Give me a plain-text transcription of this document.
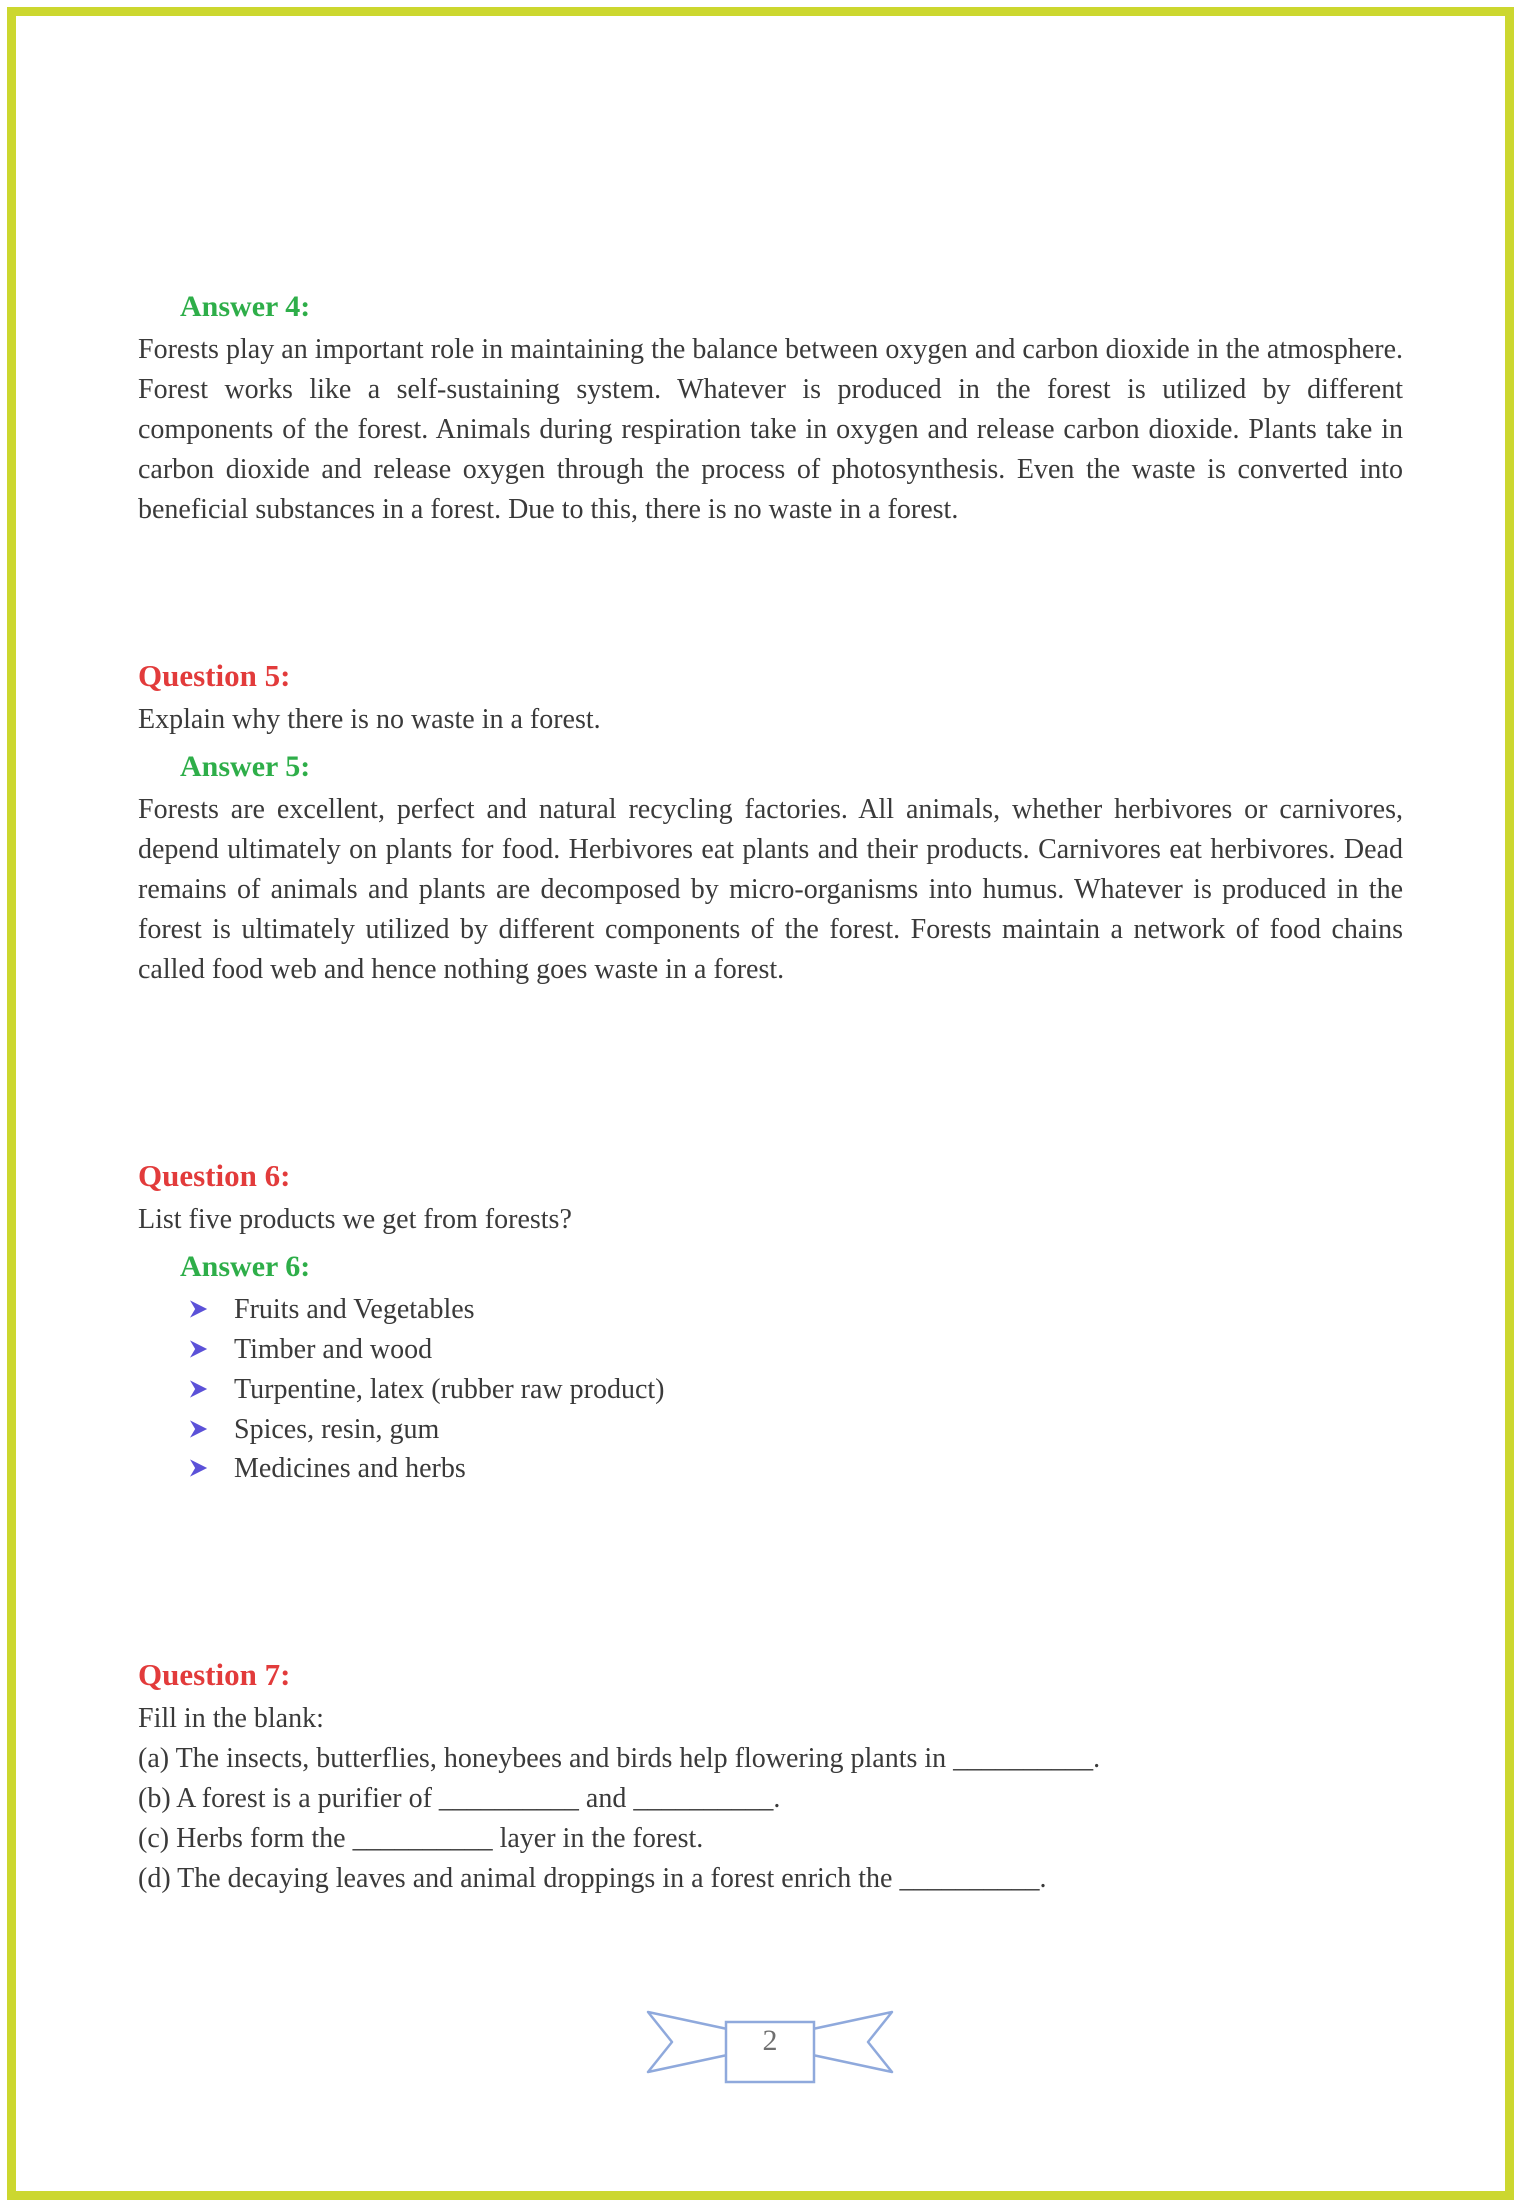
Answer 4:

Forests play an important role in maintaining the balance between oxygen and carbon dioxide in the atmosphere. Forest works like a self-sustaining system. Whatever is produced in the forest is utilized by different components of the forest. Animals during respiration take in oxygen and release carbon dioxide. Plants take in carbon dioxide and release oxygen through the process of photosynthesis. Even the waste is converted into beneficial substances in a forest. Due to this, there is no waste in a forest.

Question 5:

Explain why there is no waste in a forest.

Answer 5:

Forests are excellent, perfect and natural recycling factories. All animals, whether herbivores or carnivores, depend ultimately on plants for food. Herbivores eat plants and their products. Carnivores eat herbivores. Dead remains of animals and plants are decomposed by micro-organisms into humus. Whatever is produced in the forest is ultimately utilized by different components of the forest. Forests maintain a network of food chains called food web and hence nothing goes waste in a forest.

Question 6:

List five products we get from forests?

Answer 6:
Fruits and Vegetables
Timber and wood
Turpentine, latex (rubber raw product)
Spices, resin, gum
Medicines and herbs
Question 7:

Fill in the blank:

(a) The insects, butterflies, honeybees and birds help flowering plants in __________.

(b) A forest is a purifier of __________ and __________.

(c) Herbs form the __________ layer in the forest.

(d) The decaying leaves and animal droppings in a forest enrich the __________.

2
